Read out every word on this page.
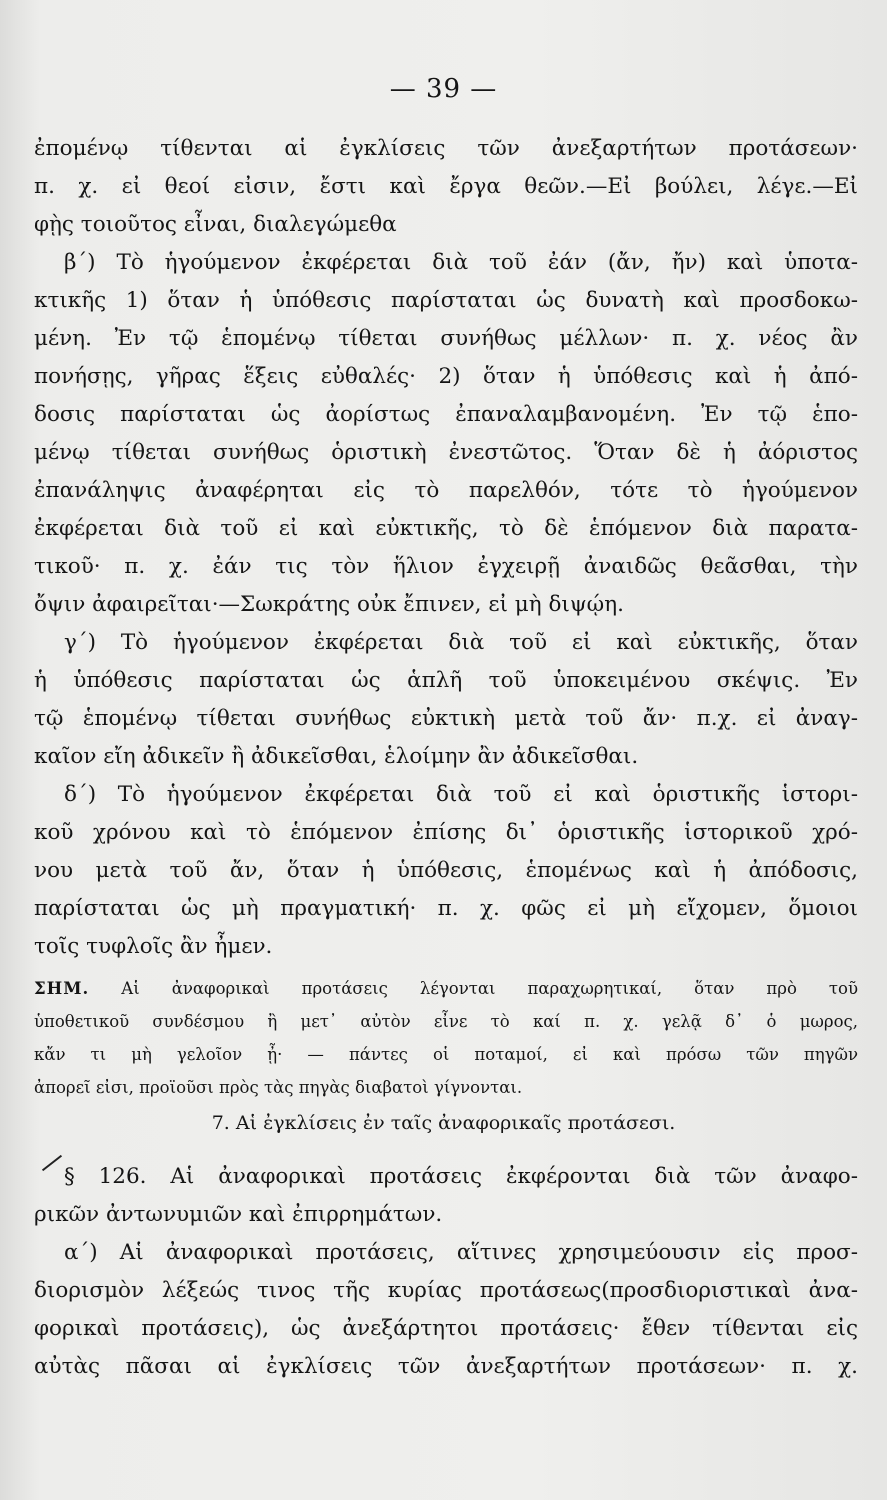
— 39 —
ἐπομένῳ τίθενται αἱ ἐγκλίσεις τῶν ἀνεξαρτήτων προτάσεων·
π. χ. εἰ θεοί εἰσιν, ἔστι καὶ ἔργα θεῶν.—Εἰ βούλει, λέγε.—Εἰ
φῂς τοιοῦτος εἶναι, διαλεγώμεθα
β΄) Τὸ ἡγούμενον ἐκφέρεται διὰ τοῦ ἐάν (ἄν, ἤν) καὶ ὑποτα-
κτικῆς 1) ὅταν ἡ ὑπόθεσις παρίσταται ὡς δυνατὴ καὶ προσδοκω-
μένη. Ἐν τῷ ἑπομένῳ τίθεται συνήθως μέλλων· π. χ. νέος ἂν
πονήσῃς, γῆρας ἕξεις εὐθαλές· 2) ὅταν ἡ ὑπόθεσις καὶ ἡ ἀπό-
δοσις παρίσταται ὡς ἀορίστως ἐπαναλαμβανομένη. Ἐν τῷ ἑπο-
μένῳ τίθεται συνήθως ὁριστικὴ ἐνεστῶτος. Ὅταν δὲ ἡ ἀόριστος
ἐπανάληψις ἀναφέρηται εἰς τὸ παρελθόν, τότε τὸ ἡγούμενον
ἐκφέρεται διὰ τοῦ εἰ καὶ εὐκτικῆς, τὸ δὲ ἑπόμενον διὰ παρατα-
τικοῦ· π. χ. ἐάν τις τὸν ἥλιον ἐγχειρῇ ἀναιδῶς θεᾶσθαι, τὴν
ὄψιν ἀφαιρεῖται·—Σωκράτης οὐκ ἔπινεν, εἰ μὴ διψῴη.
γ΄) Τὸ ἡγούμενον ἐκφέρεται διὰ τοῦ εἰ καὶ εὐκτικῆς, ὅταν
ἡ ὑπόθεσις παρίσταται ὡς ἁπλῆ τοῦ ὑποκειμένου σκέψις. Ἐν
τῷ ἑπομένῳ τίθεται συνήθως εὐκτικὴ μετὰ τοῦ ἄν· π.χ. εἰ ἀναγ-
καῖον εἴη ἀδικεῖν ἢ ἀδικεῖσθαι, ἑλοίμην ἂν ἀδικεῖσθαι.
δ΄) Τὸ ἡγούμενον ἐκφέρεται διὰ τοῦ εἰ καὶ ὁριστικῆς ἱστορι-
κοῦ χρόνου καὶ τὸ ἑπόμενον ἐπίσης δι᾽ ὁριστικῆς ἱστορικοῦ χρό-
νου μετὰ τοῦ ἄν, ὅταν ἡ ὑπόθεσις, ἑπομένως καὶ ἡ ἀπόδοσις,
παρίσταται ὡς μὴ πραγματική· π. χ. φῶς εἰ μὴ εἴχομεν, ὅμοιοι
τοῖς τυφλοῖς ἂν ἦμεν.
ΣΗΜ. Αἱ ἀναφορικαὶ προτάσεις λέγονται παραχωρητικαί, ὅταν πρὸ τοῦ
ὑποθετικοῦ συνδέσμου ἢ μετ᾽ αὐτὸν εἶνε τὸ καί π. χ. γελᾷ δ᾽ ὁ μωρος,
κἄν τι μὴ γελοῖον ᾖ· — πάντες οἱ ποταμοί, εἰ καὶ πρόσω τῶν πηγῶν
ἀπορεῖ εἰσι, προϊοῦσι πρὸς τὰς πηγὰς διαβατοὶ γίγνονται.
7. Αἱ ἐγκλίσεις ἐν ταῖς ἀναφορικαῖς προτάσεσι.
§ 126. Αἱ ἀναφορικαὶ προτάσεις ἐκφέρονται διὰ τῶν ἀναφο-
ρικῶν ἀντωνυμιῶν καὶ ἐπιρρημάτων.
α΄) Αἱ ἀναφορικαὶ προτάσεις, αἵτινες χρησιμεύουσιν εἰς προσ-
διορισμὸν λέξεώς τινος τῆς κυρίας προτάσεως(προσδιοριστικαὶ ἀνα-
φορικαὶ προτάσεις), ὡς ἀνεξάρτητοι προτάσεις· ἔθεν τίθενται εἰς
αὐτὰς πᾶσαι αἱ ἐγκλίσεις τῶν ἀνεξαρτήτων προτάσεων· π. χ.
